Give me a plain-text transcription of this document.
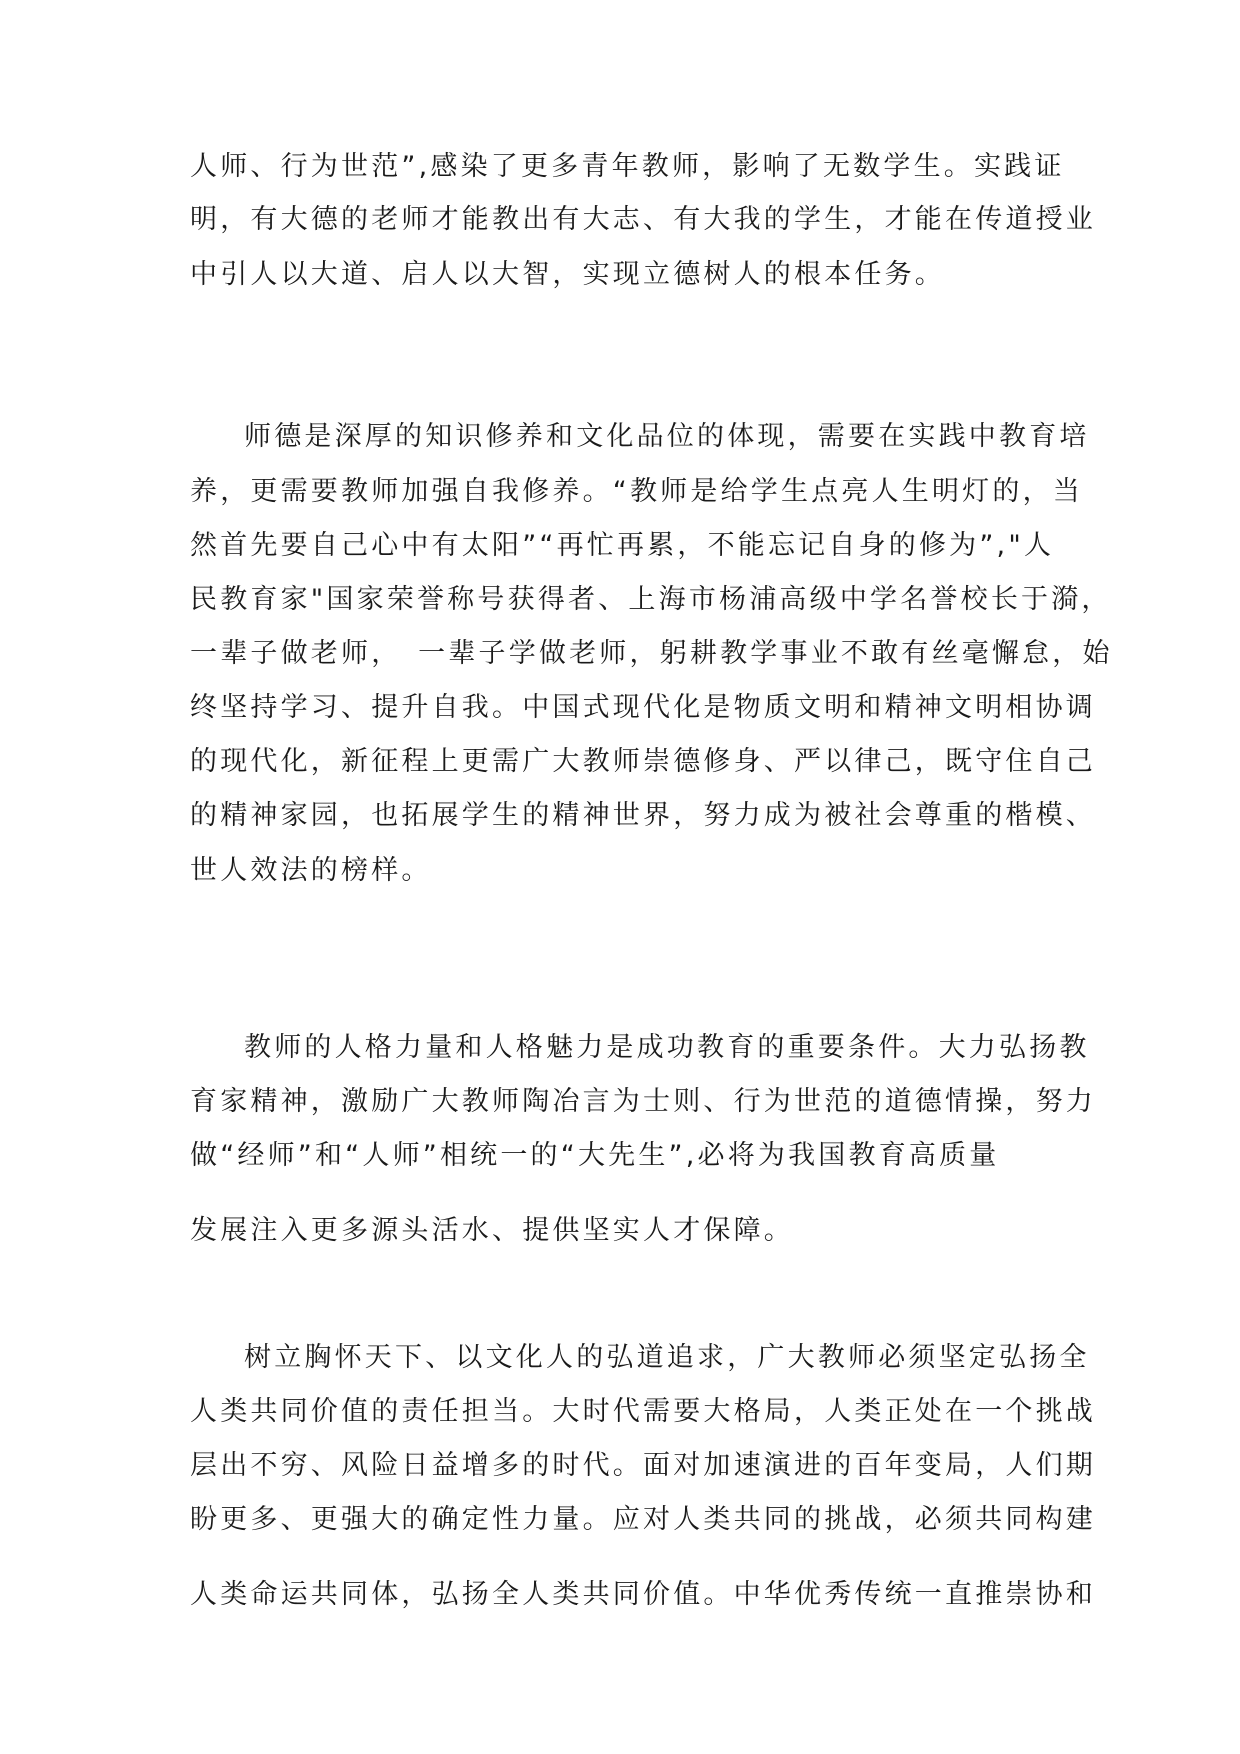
人师、行为世范”,感染了更多青年教师，影响了无数学生。实践证
明，有大德的老师才能教出有大志、有大我的学生，才能在传道授业
中引人以大道、启人以大智，实现立德树人的根本任务。
师德是深厚的知识修养和文化品位的体现，需要在实践中教育培
养，更需要教师加强自我修养。“教师是给学生点亮人生明灯的，当
然首先要自己心中有太阳”“再忙再累，不能忘记自身的修为”,"人
民教育家"国家荣誉称号获得者、上海市杨浦高级中学名誉校长于漪，
一辈子做老师，　一辈子学做老师，躬耕教学事业不敢有丝毫懈怠，始
终坚持学习、提升自我。中国式现代化是物质文明和精神文明相协调
的现代化，新征程上更需广大教师崇德修身、严以律己，既守住自己
的精神家园，也拓展学生的精神世界，努力成为被社会尊重的楷模、
世人效法的榜样。
教师的人格力量和人格魅力是成功教育的重要条件。大力弘扬教
育家精神，激励广大教师陶冶言为士则、行为世范的道德情操，努力
做“经师”和“人师”相统一的“大先生”,必将为我国教育高质量
发展注入更多源头活水、提供坚实人才保障。
树立胸怀天下、以文化人的弘道追求，广大教师必须坚定弘扬全
人类共同价值的责任担当。大时代需要大格局，人类正处在一个挑战
层出不穷、风险日益增多的时代。面对加速演进的百年变局，人们期
盼更多、更强大的确定性力量。应对人类共同的挑战，必须共同构建
人类命运共同体，弘扬全人类共同价值。中华优秀传统一直推崇协和
